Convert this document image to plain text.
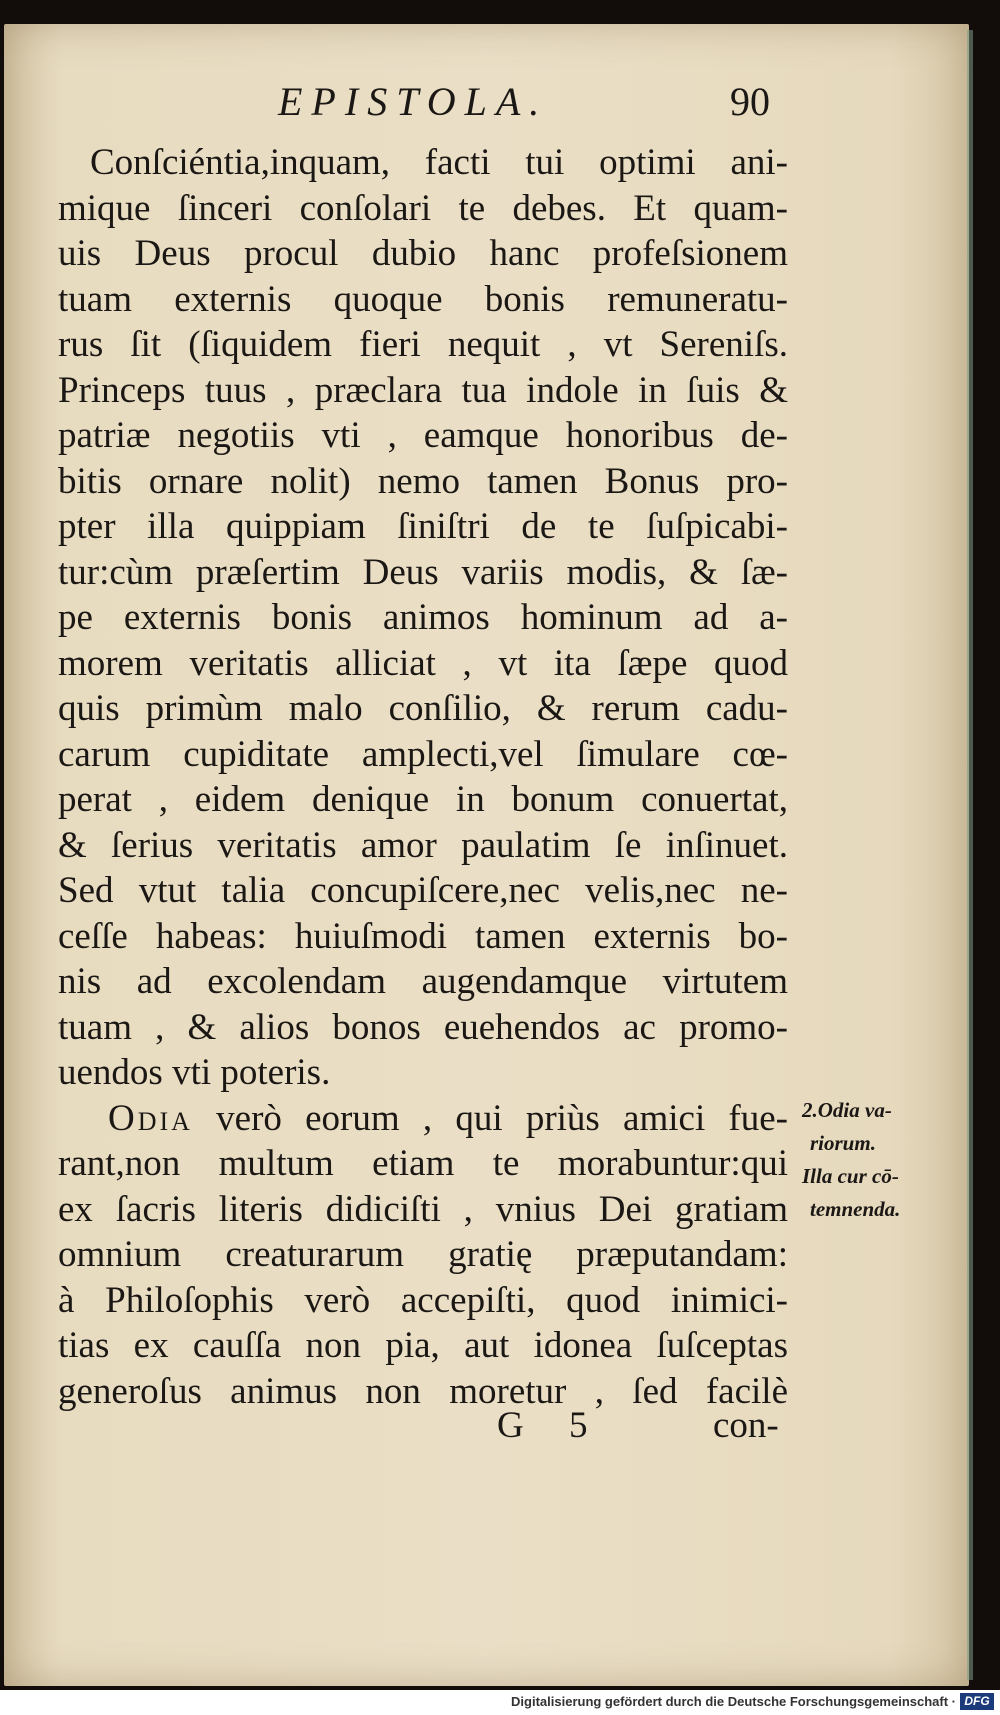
EPISTOLA.	90
Conſciéntia,inquam, facti tui optimi ani-
mique ſinceri conſolari te debes. Et quam-
uis Deus procul dubio hanc profeſsionem
tuam externis quoque bonis remuneratu-
rus ſit (ſiquidem fieri nequit , vt Sereniſs.
Princeps tuus , præclara tua indole in ſuis &
patriæ negotiis vti , eamque honoribus de-
bitis ornare nolit) nemo tamen Bonus pro-
pter illa quippiam ſiniſtri de te ſuſpicabi-
tur:cùm præſertim Deus variis modis, & ſæ-
pe externis bonis animos hominum ad a-
morem veritatis alliciat , vt ita ſæpe quod
quis primùm malo conſilio, & rerum cadu-
carum cupiditate amplecti,vel ſimulare cœ-
perat , eidem denique in bonum conuertat,
& ſerius veritatis amor paulatim ſe inſinuet.
Sed vtut talia concupiſcere,nec velis,nec ne-
ceſſe habeas: huiuſmodi tamen externis bo-
nis ad excolendam augendamque virtutem
tuam , & alios bonos euehendos ac promo-
uendos vti poteris.
Odia verò eorum , qui priùs amici fue-
rant,non multum etiam te morabuntur:qui
ex ſacris literis didiciſti , vnius Dei gratiam
omnium creaturarum gratię præputandam:
à Philoſophis verò accepiſti, quod inimici-
tias ex cauſſa non pia, aut idonea ſuſceptas
generoſus animus non moretur , ſed facilè
G 5	con-
2.Odia va-
riorum.
Illa cur cō-
temnenda.
Digitalisierung gefördert durch die Deutsche Forschungsgemeinschaft · DFG
